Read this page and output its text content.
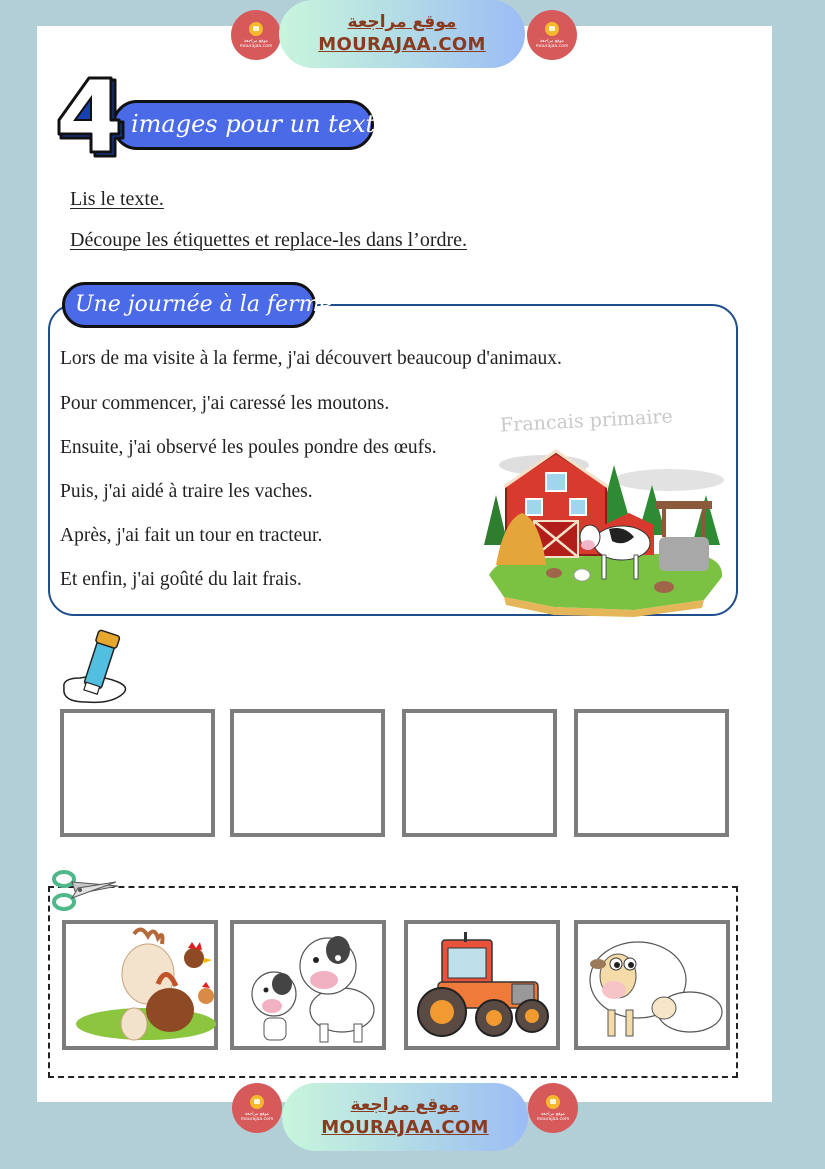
موقع مراجعة
mourajaa.com
موقع مراجعة
MOURAJAA.COM	موقع مراجعة
mourajaa.com
images pour un texte
Lis le texte.
Découpe les étiquettes et replace-les dans l’ordre.
Une journée à la ferme
Lors de ma visite à la ferme, j'ai découvert beaucoup d'animaux.
Pour commencer, j'ai caressé les moutons.
Ensuite, j'ai observé les poules pondre des œufs.
Puis, j'ai aidé à traire les vaches.
Après, j'ai fait un tour en tracteur.
Et enfin, j'ai goûté du lait frais.
Francais primaire
موقع مراجعة
mourajaa.com
موقع مراجعة
MOURAJAA.COM
موقع مراجعة
mourajaa.com
